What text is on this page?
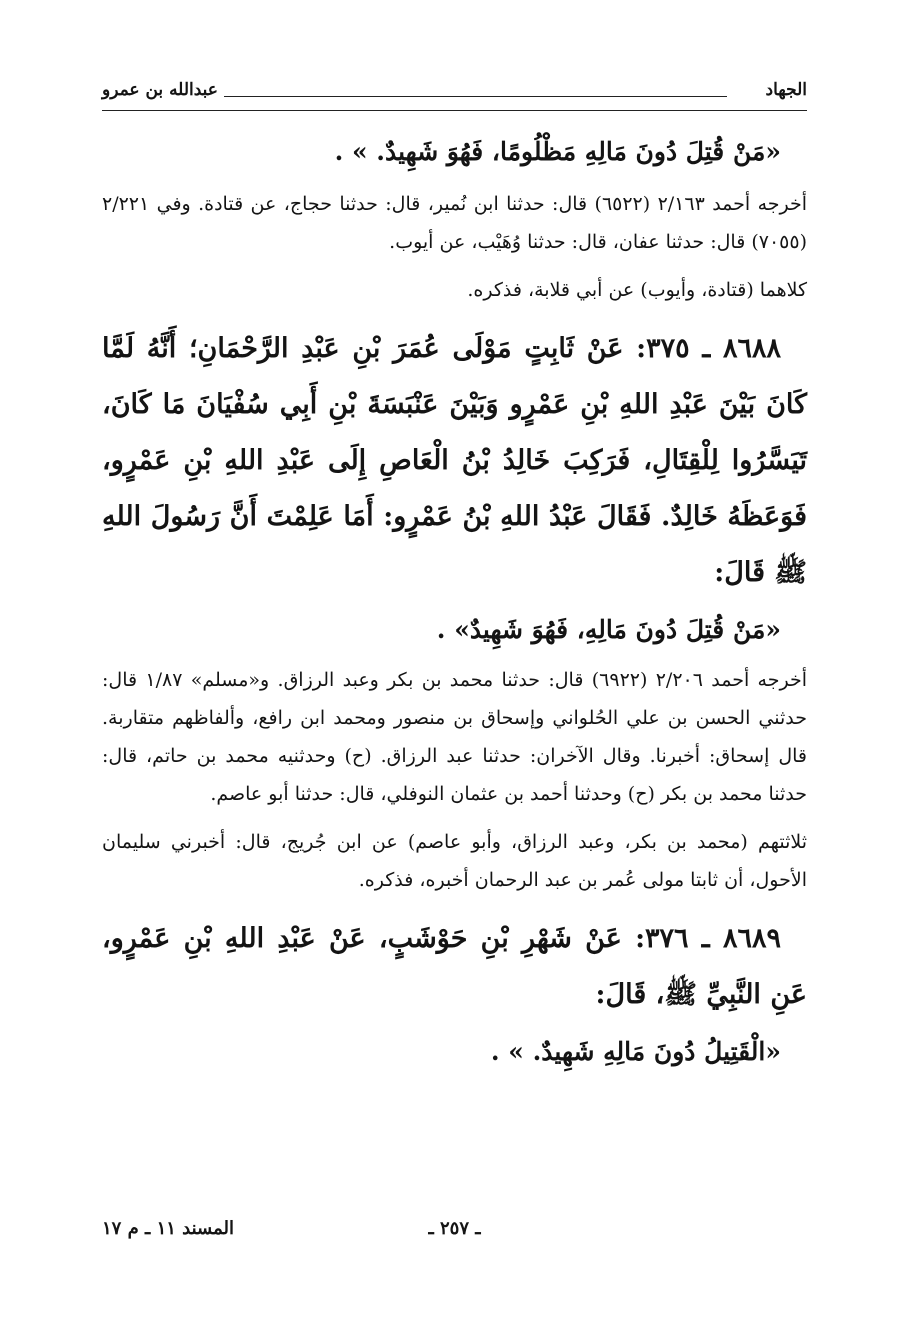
الجهاد
عبدالله بن عمرو
«مَنْ قُتِلَ دُونَ مَالِهِ مَظْلُومًا، فَهُوَ شَهِيدٌ. » .

أخرجه أحمد ٢/١٦٣ (٦٥٢٢) قال: حدثنا ابن نُمير، قال: حدثنا حجاج، عن قتادة. وفي ٢/٢٢١ (٧٠٥٥) قال: حدثنا عفان، قال: حدثنا وُهَيْب، عن أيوب.

كلاهما (قتادة، وأيوب) عن أبي قلابة، فذكره.

٨٦٨٨ ـ ٣٧٥: عَنْ ثَابِتٍ مَوْلَى عُمَرَ بْنِ عَبْدِ الرَّحْمَانِ؛ أَنَّهُ لَمَّا كَانَ بَيْنَ عَبْدِ اللهِ بْنِ عَمْرٍو وَبَيْنَ عَنْبَسَةَ بْنِ أَبِي سُفْيَانَ مَا كَانَ، تَيَسَّرُوا لِلْقِتَالِ، فَرَكِبَ خَالِدُ بْنُ الْعَاصِ إِلَى عَبْدِ اللهِ بْنِ عَمْرٍو، فَوَعَظَهُ خَالِدٌ. فَقَالَ عَبْدُ اللهِ بْنُ عَمْرٍو: أَمَا عَلِمْتَ أَنَّ رَسُولَ اللهِ ﷺ قَالَ:
«مَنْ قُتِلَ دُونَ مَالِهِ، فَهُوَ شَهِيدٌ» .

أخرجه أحمد ٢/٢٠٦ (٦٩٢٢) قال: حدثنا محمد بن بكر وعبد الرزاق. و«مسلم» ١/٨٧ قال: حدثني الحسن بن علي الحُلواني وإسحاق بن منصور ومحمد ابن رافع، وألفاظهم متقاربة. قال إسحاق: أخبرنا. وقال الآخران: حدثنا عبد الرزاق. (ح) وحدثنيه محمد بن حاتم، قال: حدثنا محمد بن بكر (ح) وحدثنا أحمد بن عثمان النوفلي، قال: حدثنا أبو عاصم.

ثلاثتهم (محمد بن بكر، وعبد الرزاق، وأبو عاصم) عن ابن جُريج، قال: أخبرني سليمان الأحول، أن ثابتا مولى عُمر بن عبد الرحمان أخبره، فذكره.

٨٦٨٩ ـ ٣٧٦: عَنْ شَهْرِ بْنِ حَوْشَبٍ، عَنْ عَبْدِ اللهِ بْنِ عَمْرٍو، عَنِ النَّبِيِّ ﷺ، قَالَ:
«الْقَتِيلُ دُونَ مَالِهِ شَهِيدٌ. » .
ـ ٢٥٧ ـ
المسند ١١ ـ م ١٧
